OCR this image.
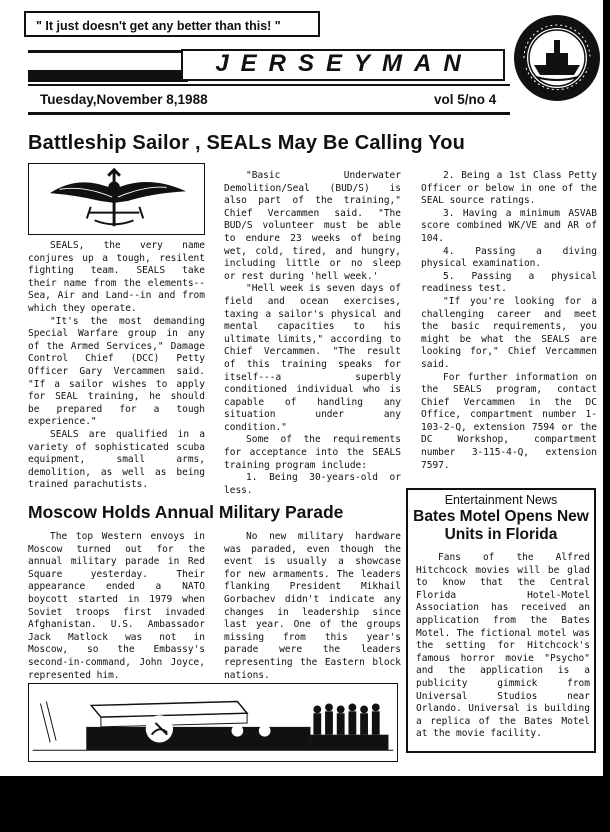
" It just doesn't get any better than this! "
JERSEYMAN
Tuesday,November 8,1988	vol 5/no 4
Battleship Sailor , SEALs May Be Calling You

SEALS, the very name conjures up a tough, resilent fighting team. SEALS take their name from the elements--Sea, Air and Land--in and from which they operate.

"It's the most demanding Special Warfare group in any of the Armed Services," Damage Control Chief (DCC) Petty Officer Gary Vercammen said. "If a sailor wishes to apply for SEAL training, he should be prepared for a tough experience."

SEALS are qualified in a variety of sophisticated scuba equipment, small arms, demolition, as well as being trained parachutists.

"Basic Underwater Demolition/Seal (BUD/S) is also part of the training," Chief Vercammen said. "The BUD/S volunteer must be able to endure 23 weeks of being wet, cold, tired, and hungry, including little or no sleep or rest during 'hell week.'

"Hell week is seven days of field and ocean exercises, taxing a sailor's physical and mental capacities to his ultimate limits," according to Chief Vercammen. "The result of this training speaks for itself---a superbly conditioned individual who is capable of handling any situation under any condition."

Some of the requirements for acceptance into the SEALS training program include:

1. Being 30-years-old or less.

2. Being a 1st Class Petty Officer or below in one of the SEAL source ratings.

3. Having a minimum ASVAB score combined WK/VE and AR of 104.

4. Passing a diving physical examination.

5. Passing a physical readiness test.

"If you're looking for a challenging career and meet the basic requirements, you might be what the SEALS are looking for," Chief Vercammen said.

For further information on the SEALS program, contact Chief Vercammen in the DC Office, compartment number 1-103-2-Q, extension 7594 or the DC Workshop, compartment number 3-115-4-Q, extension 7597.

Moscow Holds Annual Military Parade

The top Western envoys in Moscow turned out for the annual military parade in Red Square yesterday. Their appearance ended a NATO boycott started in 1979 when Soviet troops first invaded Afghanistan. U.S. Ambassador Jack Matlock was not in Moscow, so the Embassy's second-in-command, John Joyce, represented him.

No new military hardware was paraded, even though the event is usually a showcase for new armaments. The leaders flanking President Mikhail Gorbachev didn't indicate any changes in leadership since last year. One of the groups missing from this year's parade were the leaders representing the Eastern block nations.

Entertainment News
Bates Motel Opens New Units in Florida

Fans of the Alfred Hitchcock movies will be glad to know that the Central Florida Hotel-Motel Association has received an application from the Bates Motel. The fictional motel was the setting for Hitchcock's famous horror movie "Psycho" and the application is a publicity gimmick from Universal Studios near Orlando. Universal is building a replica of the Bates Motel at the movie facility.
